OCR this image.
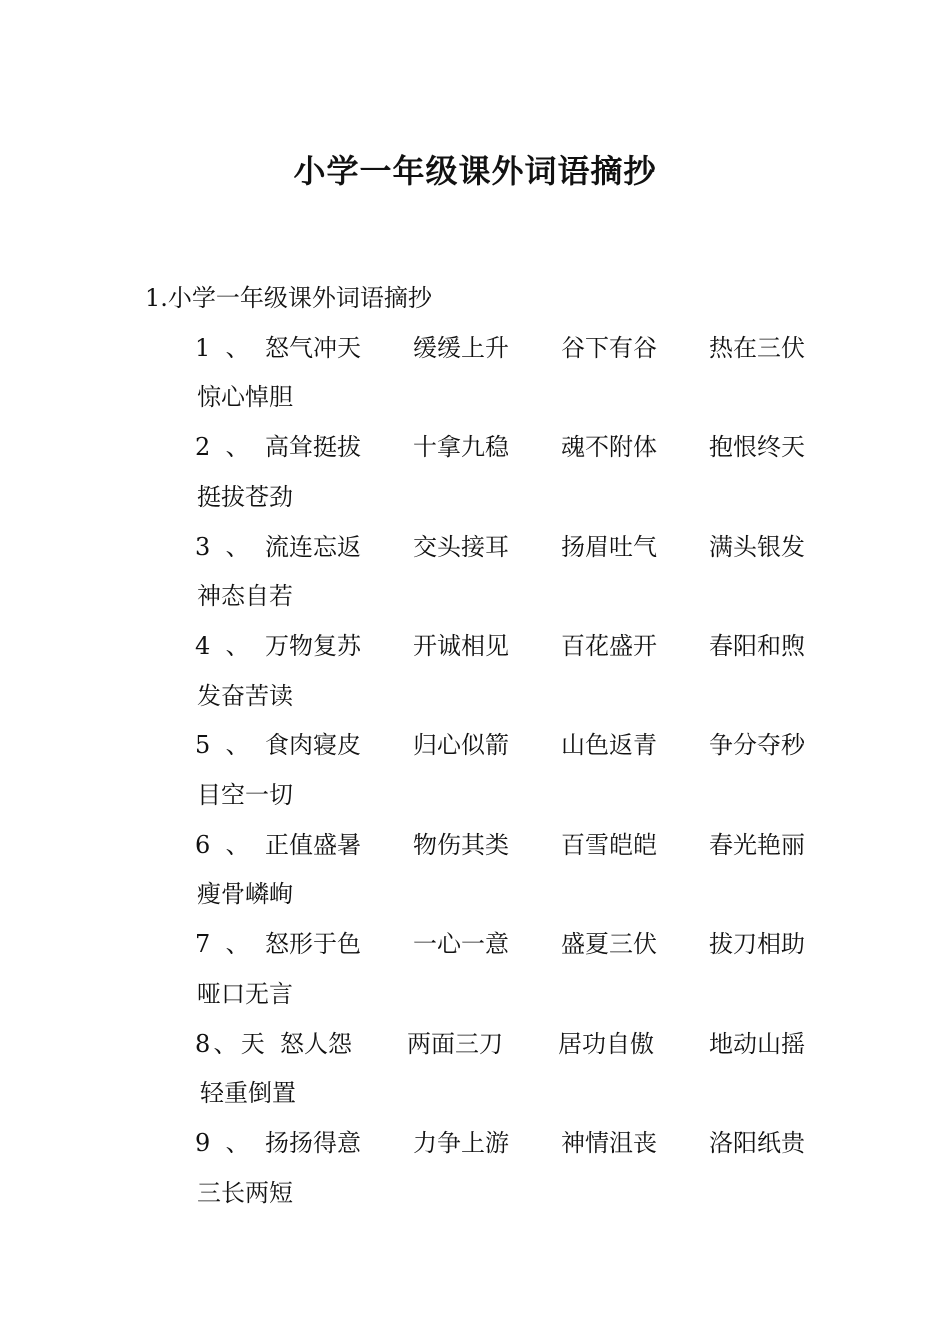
小学一年级课外词语摘抄

1.小学一年级课外词语摘抄

1、怒气冲天 缓缓上升 谷下有谷 热在三伏惊心悼胆

2、高耸挺拔 十拿九稳 魂不附体 抱恨终天挺拔苍劲

3、流连忘返 交头接耳 扬眉吐气 满头银发神态自若

4、万物复苏 开诚相见 百花盛开 春阳和煦发奋苦读

5、食肉寝皮 归心似箭 山色返青 争分夺秒目空一切

6、正值盛暑 物伤其类 百雪皑皑 春光艳丽瘦骨嶙峋

7、怒形于色 一心一意 盛夏三伏 拔刀相助哑口无言

8、天  怒人怨 两面三刀 居功自傲 地动山摇轻重倒置

9、扬扬得意 力争上游 神情沮丧 洛阳纸贵三长两短
